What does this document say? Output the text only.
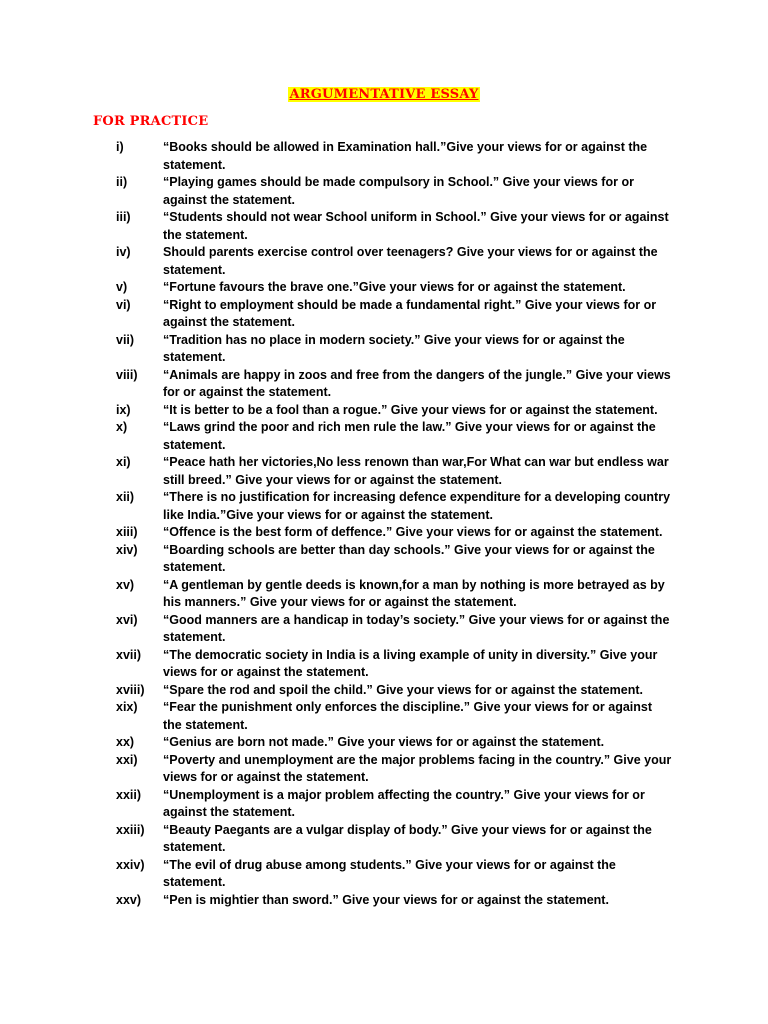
ARGUMENTATIVE ESSAY
FOR PRACTICE
i)	“Books should be allowed in Examination hall.”Give your views for or against the statement.
ii)	“Playing games should be made compulsory in School.” Give your views for or against the statement.
iii)	“Students should not wear School uniform in School.” Give your views for or against the statement.
iv)	Should parents exercise control over teenagers? Give your views for or against the statement.
v)	“Fortune favours the brave one.”Give your views for or against the statement.
vi)	“Right to employment should be made a fundamental right.” Give your views for or against the statement.
vii) “Tradition has no place in modern society.” Give your views for or against the statement.
viii) “Animals are happy in zoos and free from the dangers of the jungle.” Give your views for or against the statement.
ix)	“It is better to be a fool than a rogue.” Give your views for or against the statement.
x)	“Laws grind the poor and rich men rule the law.” Give your views for or against the statement.
xi)	“Peace hath her victories,No less renown than war,For What can war but endless war still breed.” Give your views for or against the statement.
xii) “There is no justification for increasing defence expenditure for a developing country like India.”Give your views for or against the statement.
xiii) “Offence is the best form of deffence.” Give your views for or against the statement.
xiv) “Boarding schools are better than day schools.” Give your views for or against the statement.
xv) “A gentleman by gentle deeds is known,for a man by nothing is more betrayed as by his manners.” Give your views for or against the statement.
xvi) “Good manners are a handicap in today’s society.” Give your views for or against the statement.
xvii) “The democratic society in India is a living example of unity in diversity.” Give your views for or against the statement.
xviii) “Spare the rod and spoil the child.” Give your views for or against the statement.
xix) “Fear the punishment only enforces the discipline.” Give your views for or against the statement.
xx) “Genius are born not made.” Give your views for or against the statement.
xxi) “Poverty and unemployment are the major problems facing in the country.” Give your views for or against the statement.
xxii) “Unemployment is a major problem affecting the country.” Give your views for or against the statement.
xxiii) “Beauty Paegants are a vulgar display of body.” Give your views for or against the statement.
xxiv) “The evil of drug abuse among students.” Give your views for or against the statement.
xxv) “Pen is mightier than sword.” Give your views for or against the statement.
